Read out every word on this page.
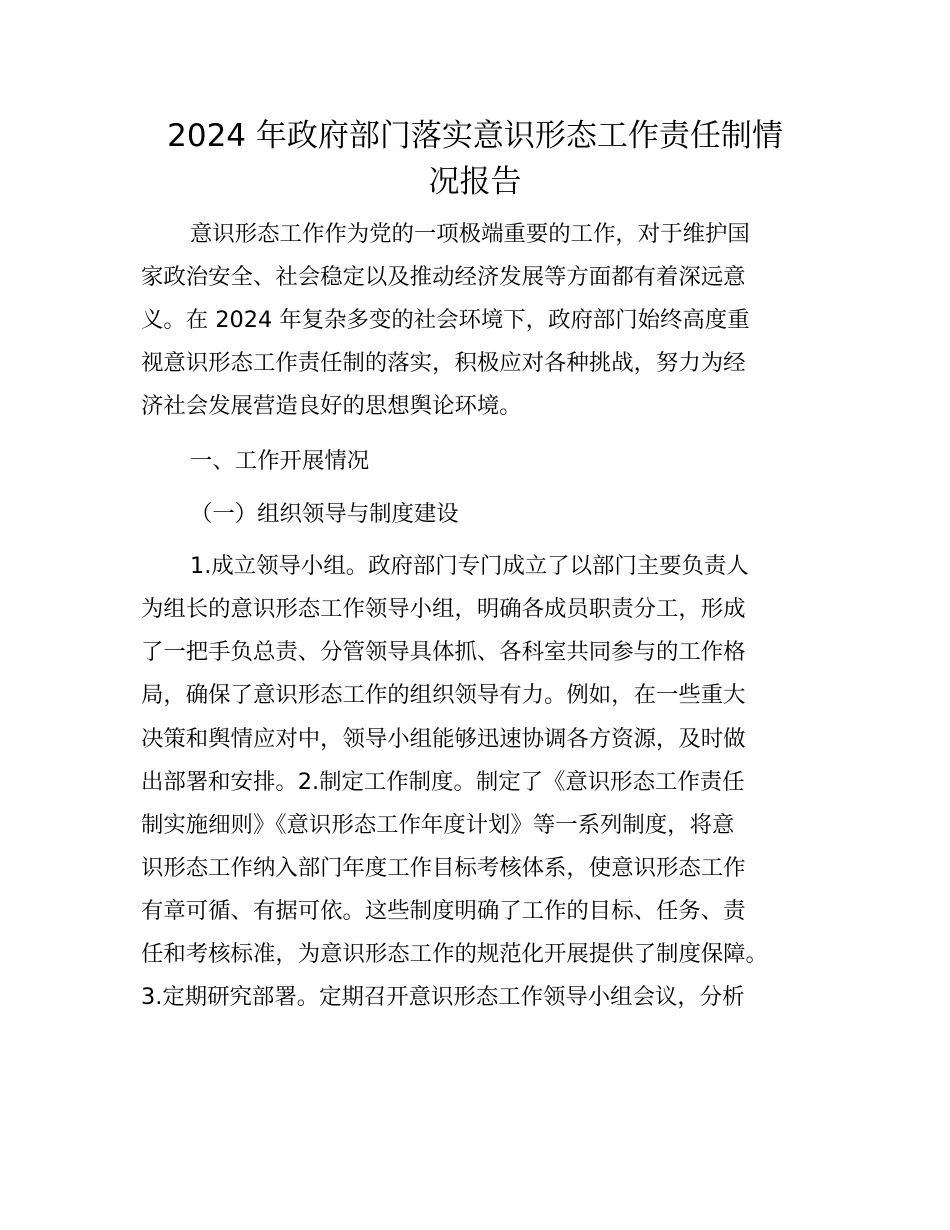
2024 年政府部门落实意识形态工作责任制情
况报告
意识形态工作作为党的一项极端重要的工作，对于维护国
家政治安全、社会稳定以及推动经济发展等方面都有着深远意
义。在 2024 年复杂多变的社会环境下，政府部门始终高度重
视意识形态工作责任制的落实，积极应对各种挑战，努力为经
济社会发展营造良好的思想舆论环境。
一、工作开展情况
（一）组织领导与制度建设
1.成立领导小组。政府部门专门成立了以部门主要负责人
为组长的意识形态工作领导小组，明确各成员职责分工，形成
了一把手负总责、分管领导具体抓、各科室共同参与的工作格
局，确保了意识形态工作的组织领导有力。例如，在一些重大
决策和舆情应对中，领导小组能够迅速协调各方资源，及时做
出部署和安排。2.制定工作制度。制定了《意识形态工作责任
制实施细则》《意识形态工作年度计划》等一系列制度，将意
识形态工作纳入部门年度工作目标考核体系，使意识形态工作
有章可循、有据可依。这些制度明确了工作的目标、任务、责
任和考核标准，为意识形态工作的规范化开展提供了制度保障。
3.定期研究部署。定期召开意识形态工作领导小组会议，分析
